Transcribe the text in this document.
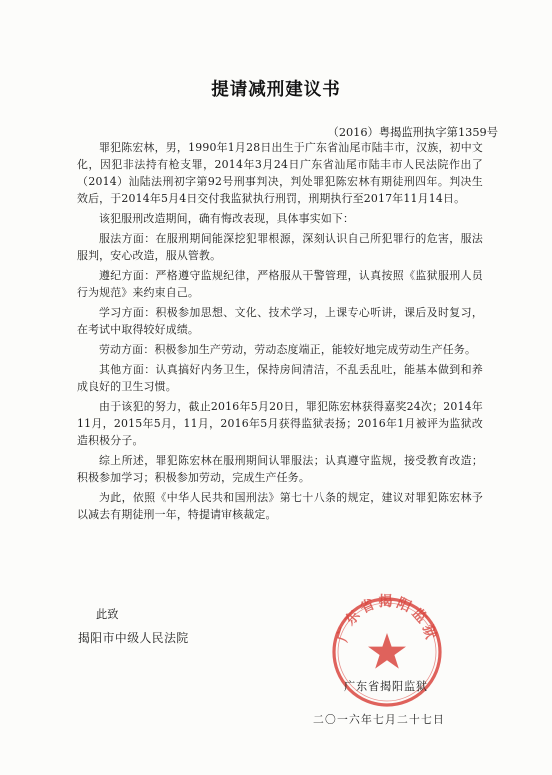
提请减刑建议书
（2016）粤揭监刑执字第1359号

罪犯陈宏林，男，1990年1月28日出生于广东省汕尾市陆丰市，汉族，初中文化，因犯非法持有枪支罪，2014年3月24日广东省汕尾市陆丰市人民法院作出了（2014）汕陆法刑初字第92号刑事判决，判处罪犯陈宏林有期徒刑四年。判决生效后，于2014年5月4日交付我监狱执行刑罚，刑期执行至2017年11月14日。

该犯服刑改造期间，确有悔改表现，具体事实如下：

服法方面：在服刑期间能深挖犯罪根源，深刻认识自己所犯罪行的危害，服法服判，安心改造，服从管教。

遵纪方面：严格遵守监规纪律，严格服从干警管理，认真按照《监狱服刑人员行为规范》来约束自己。

学习方面：积极参加思想、文化、技术学习，上课专心听讲，课后及时复习，在考试中取得较好成绩。

劳动方面：积极参加生产劳动，劳动态度端正，能较好地完成劳动生产任务。

其他方面：认真搞好内务卫生，保持房间清洁，不乱丢乱吐，能基本做到和养成良好的卫生习惯。

由于该犯的努力，截止2016年5月20日，罪犯陈宏林获得嘉奖24次；2014年11月，2015年5月，11月，2016年5月获得监狱表扬；2016年1月被评为监狱改造积极分子。

综上所述，罪犯陈宏林在服刑期间认罪服法；认真遵守监规，接受教育改造；积极参加学习；积极参加劳动，完成生产任务。

为此，依照《中华人民共和国刑法》第七十八条的规定，建议对罪犯陈宏林予以减去有期徒刑一年，特提请审核裁定。

此致
揭阳市中级人民法院	广东省揭阳监狱
广东省揭阳监狱
二〇一六年七月二十七日
